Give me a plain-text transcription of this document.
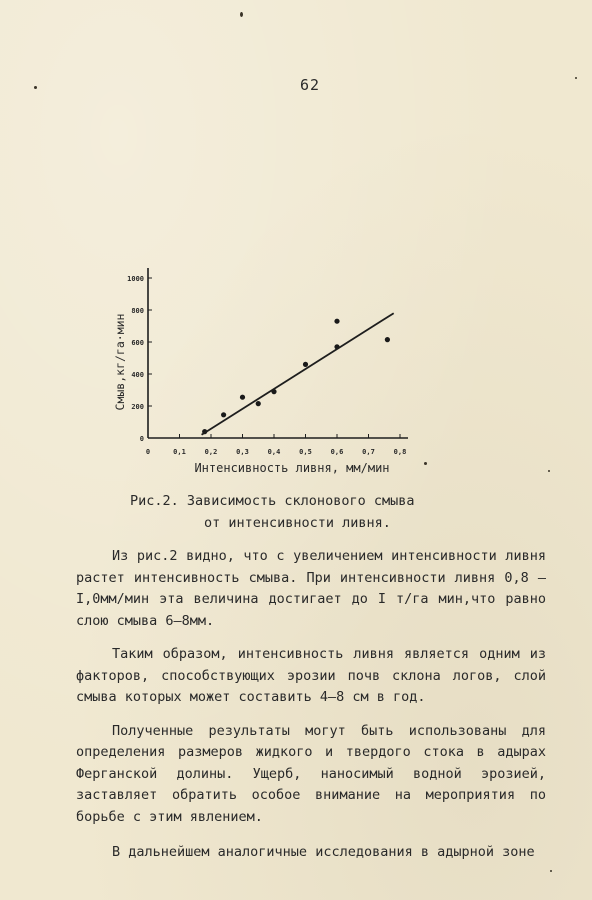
62
0	0,1	0,2	0,3	0,4	0,5	0,6	0,7	0,8
0
200
400
600
800
1000
Интенсивность ливня, мм/мин
Смыв,кг/га·мин
Рис.2. Зависимость склонового смыва
от интенсивности ливня.

Из рис.2 видно, что с увеличением интенсивности ливня растет интенсивность смыва. При интенсивности ливня 0,8 – I,0мм/мин эта величина достигает до I т/га мин,что равно слою смыва 6–8мм.

Таким образом, интенсивность ливня является одним из факторов, способствующих эрозии почв склона логов, слой смыва которых может составить 4–8 см в год.

Полученные результаты могут быть использованы для определения размеров жидкого и твердого стока в адырах Ферганской долины. Ущерб, наносимый водной эрозией, заставляет обратить особое внимание на мероприятия по борьбе с этим явлением.

В дальнейшем аналогичные исследования в адырной зоне
